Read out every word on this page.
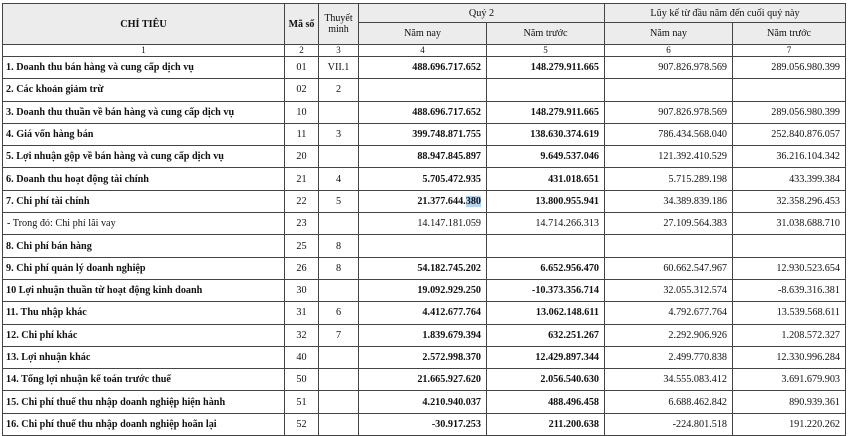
CHỈ TIÊU	Mã số	Thuyết minh	Quý 2		Lũy kế từ đầu năm đến cuối quý này	
			Năm nay	Năm trước	Năm nay	Năm trước
1	2	3	4	5	6	7
1. Doanh thu bán hàng và cung cấp dịch vụ	01	VII.1	488.696.717.652	148.279.911.665	907.826.978.569	289.056.980.399
2. Các khoản giảm trừ	02	2				
3. Doanh thu thuần về bán hàng và cung cấp dịch vụ	10		488.696.717.652	148.279.911.665	907.826.978.569	289.056.980.399
4. Giá vốn hàng bán	11	3	399.748.871.755	138.630.374.619	786.434.568.040	252.840.876.057
5. Lợi nhuận gộp về bán hàng và cung cấp dịch vụ	20		88.947.845.897	9.649.537.046	121.392.410.529	36.216.104.342
6. Doanh thu hoạt động tài chính	21	4	5.705.472.935	431.018.651	5.715.289.198	433.399.384
7. Chi phí tài chính	22	5	21.377.644.380	13.800.955.941	34.389.839.186	32.358.296.453
- Trong đó: Chi phí lãi vay	23		14.147.181.059	14.714.266.313	27.109.564.383	31.038.688.710
8. Chi phí bán hàng	25	8				
9. Chi phí quản lý doanh nghiệp	26	8	54.182.745.202	6.652.956.470	60.662.547.967	12.930.523.654
10 Lợi nhuận thuần từ hoạt động kinh doanh	30		19.092.929.250	-10.373.356.714	32.055.312.574	-8.639.316.381
11. Thu nhập khác	31	6	4.412.677.764	13.062.148.611	4.792.677.764	13.539.568.611
12. Chi phí khác	32	7	1.839.679.394	632.251.267	2.292.906.926	1.208.572.327
13. Lợi nhuận khác	40		2.572.998.370	12.429.897.344	2.499.770.838	12.330.996.284
14. Tổng lợi nhuận kế toán trước thuế	50		21.665.927.620	2.056.540.630	34.555.083.412	3.691.679.903
15. Chi phí thuế thu nhập doanh nghiệp hiện hành	51		4.210.940.037	488.496.458	6.688.462.842	890.939.361
16. Chi phí thuế thu nhập doanh nghiệp hoãn lại	52		-30.917.253	211.200.638	-224.801.518	191.220.262
